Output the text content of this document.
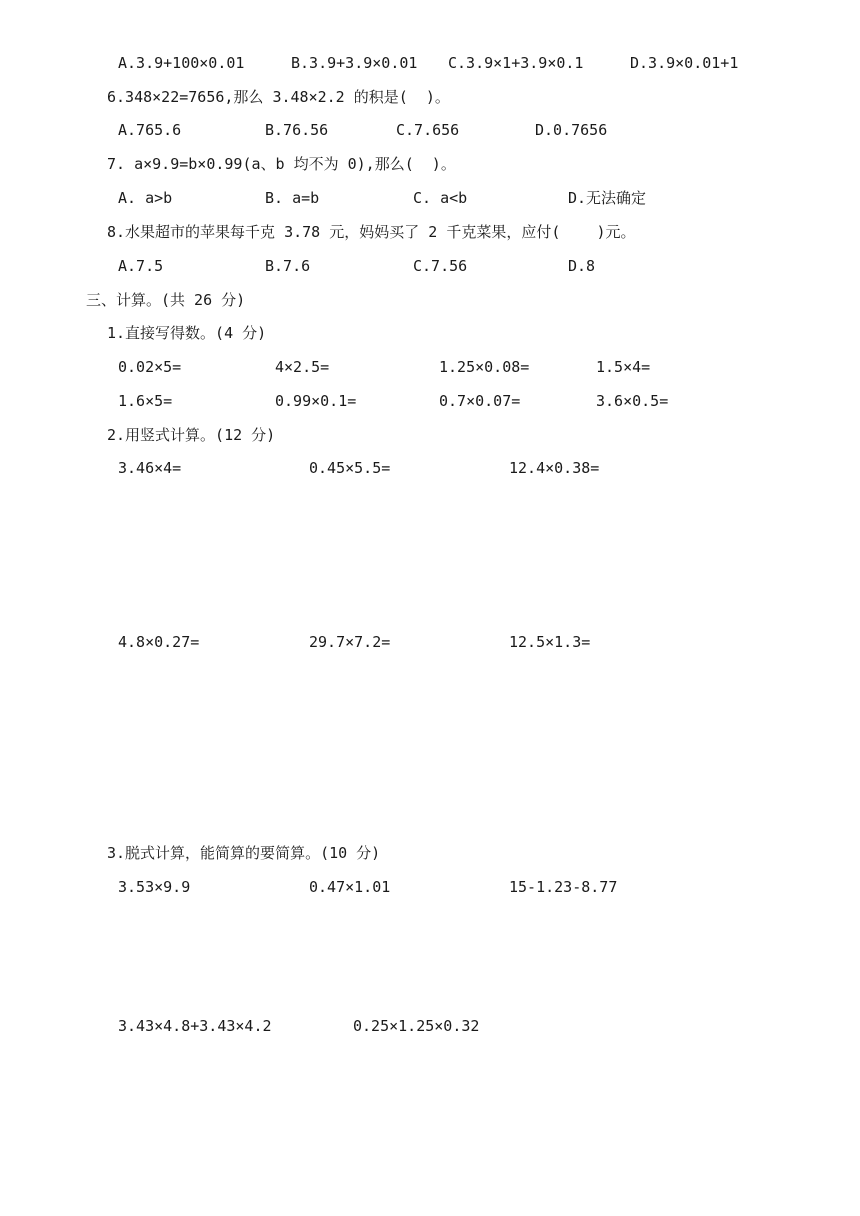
A.3.9+100×0.01	B.3.9+3.9×0.01 C.3.9×1+3.9×0.1	D.3.9×0.01+1
6.348×22=7656,那么 3.48×2.2 的积是(  )。
A.765.6	B.76.56	C.7.656	D.0.7656
7. a×9.9=b×0.99(a、b 均不为 0),那么(  )。
A. a>b	B. a=b	C. a<b	D.无法确定
8.水果超市的苹果每千克 3.78 元，妈妈买了 2 千克菜果，应付(    )元。
A.7.5	B.7.6	C.7.56	D.8
三、计算。(共 26 分)
1.直接写得数。(4 分)
0.02×5=	4×2.5=	1.25×0.08=	1.5×4=
1.6×5=	0.99×0.1=	0.7×0.07=	3.6×0.5=
2.用竖式计算。(12 分)
3.46×4=	0.45×5.5=	12.4×0.38=
4.8×0.27=	29.7×7.2=	12.5×1.3=
3.脱式计算，能简算的要简算。(10 分)
3.53×9.9	0.47×1.01	15-1.23-8.77
3.43×4.8+3.43×4.2	0.25×1.25×0.32
